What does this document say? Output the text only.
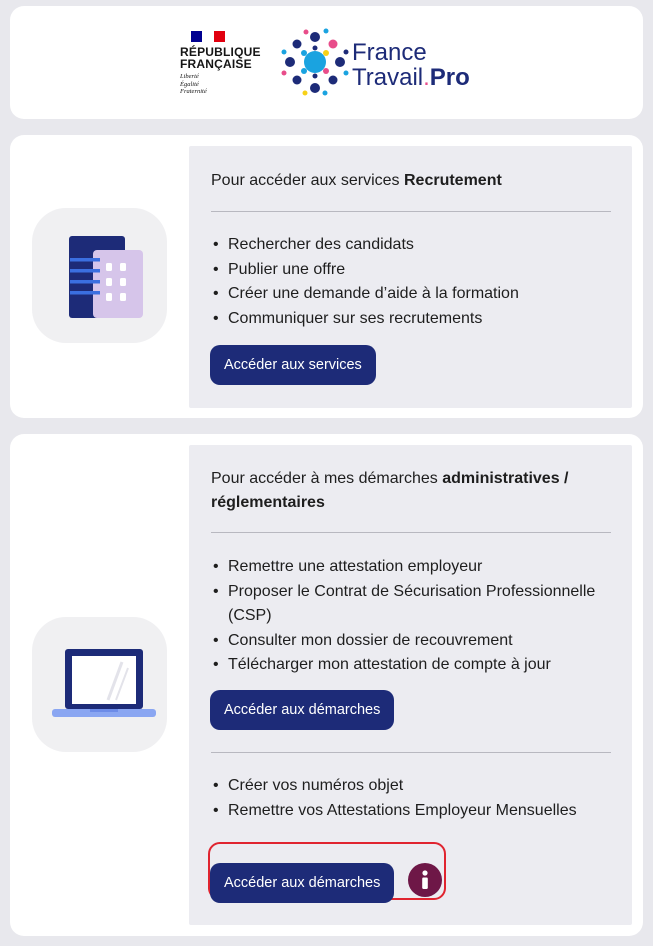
RÉPUBLIQUE
FRANÇAISE
Liberté
Égalité
Fraternité
France
Travail.Pro
Pour accéder aux services Recrutement
• Rechercher des candidats
• Publier une offre
• Créer une demande d’aide à la formation
• Communiquer sur ses recrutements
Accéder aux services
Pour accéder à mes démarches administratives / réglementaires
• Remettre une attestation employeur
• Proposer le Contrat de Sécurisation Professionnelle (CSP)
• Consulter mon dossier de recouvrement
• Télécharger mon attestation de compte à jour
Accéder aux démarches
• Créer vos numéros objet
• Remettre vos Attestations Employeur Mensuelles
Accéder aux démarches
